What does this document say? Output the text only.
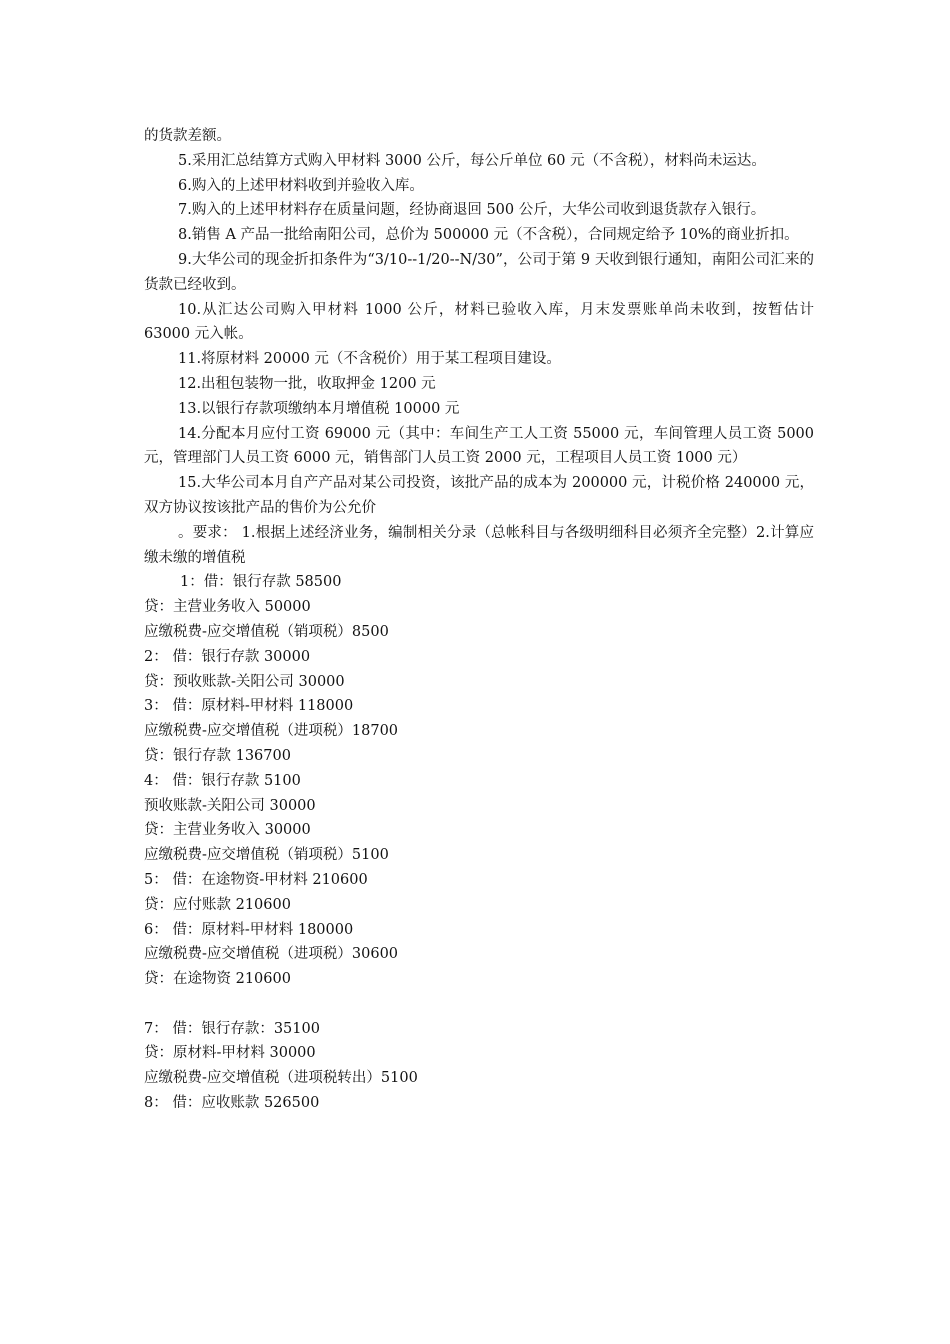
的货款差额。

5.采用汇总结算方式购入甲材料 3000 公斤，每公斤单位 60 元（不含税），材料尚未运达。

6.购入的上述甲材料收到并验收入库。

7.购入的上述甲材料存在质量问题，经协商退回 500 公斤，大华公司收到退货款存入银行。

8.销售 A 产品一批给南阳公司，总价为 500000 元（不含税），合同规定给予 10%的商业折扣。

9.大华公司的现金折扣条件为“3/10--1/20--N/30”，公司于第 9 天收到银行通知，南阳公司汇来的货款已经收到。

10.从汇达公司购入甲材料 1000 公斤，材料已验收入库，月末发票账单尚未收到，按暂估计 63000 元入帐。

11.将原材料 20000 元（不含税价）用于某工程项目建设。

12.出租包装物一批，收取押金 1200 元

13.以银行存款项缴纳本月增值税 10000 元

14.分配本月应付工资 69000 元（其中：车间生产工人工资 55000 元，车间管理人员工资 5000 元，管理部门人员工资 6000 元，销售部门人员工资 2000 元，工程项目人员工资 1000 元）

15.大华公司本月自产产品对某公司投资，该批产品的成本为 200000 元，计税价格 240000 元，双方协议按该批产品的售价为公允价

。要求： 1.根据上述经济业务，编制相关分录（总帐科目与各级明细科目必须齐全完整）2.计算应缴未缴的增值税

1：借：银行存款 58500

贷：主营业务收入 50000

应缴税费-应交增值税（销项税）8500

2： 借：银行存款 30000

贷：预收账款-关阳公司 30000

3： 借：原材料-甲材料 118000

应缴税费-应交增值税（进项税）18700

贷：银行存款 136700

4： 借：银行存款 5100

预收账款-关阳公司 30000

贷：主营业务收入 30000

应缴税费-应交增值税（销项税）5100

5： 借：在途物资-甲材料 210600

贷：应付账款 210600

6： 借：原材料-甲材料 180000

应缴税费-应交增值税（进项税）30600

贷：在途物资 210600

7： 借：银行存款：35100

贷：原材料-甲材料 30000

应缴税费-应交增值税（进项税转出）5100

8： 借：应收账款 526500
